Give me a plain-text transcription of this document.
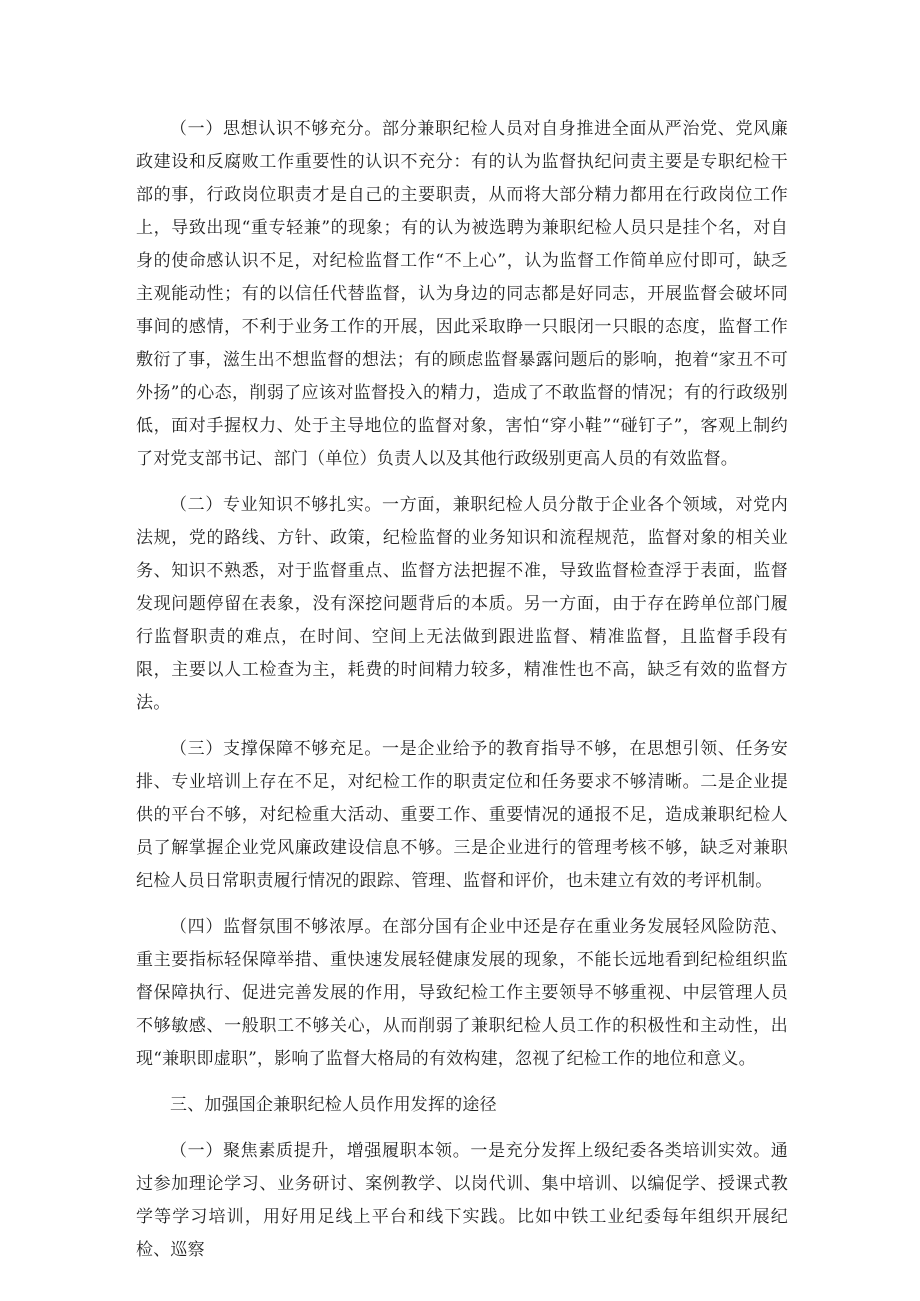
（一）思想认识不够充分。部分兼职纪检人员对自身推进全面从严治党、党风廉政建设和反腐败工作重要性的认识不充分：有的认为监督执纪问责主要是专职纪检干部的事，行政岗位职责才是自己的主要职责，从而将大部分精力都用在行政岗位工作上，导致出现“重专轻兼”的现象；有的认为被选聘为兼职纪检人员只是挂个名，对自身的使命感认识不足，对纪检监督工作“不上心”，认为监督工作简单应付即可，缺乏主观能动性；有的以信任代替监督，认为身边的同志都是好同志，开展监督会破坏同事间的感情，不利于业务工作的开展，因此采取睁一只眼闭一只眼的态度，监督工作敷衍了事，滋生出不想监督的想法；有的顾虑监督暴露问题后的影响，抱着“家丑不可外扬”的心态，削弱了应该对监督投入的精力，造成了不敢监督的情况；有的行政级别低，面对手握权力、处于主导地位的监督对象，害怕“穿小鞋”“碰钉子”，客观上制约了对党支部书记、部门（单位）负责人以及其他行政级别更高人员的有效监督。

（二）专业知识不够扎实。一方面，兼职纪检人员分散于企业各个领域，对党内法规，党的路线、方针、政策，纪检监督的业务知识和流程规范，监督对象的相关业务、知识不熟悉，对于监督重点、监督方法把握不准，导致监督检查浮于表面，监督发现问题停留在表象，没有深挖问题背后的本质。另一方面，由于存在跨单位部门履行监督职责的难点，在时间、空间上无法做到跟进监督、精准监督，且监督手段有限，主要以人工检查为主，耗费的时间精力较多，精准性也不高，缺乏有效的监督方法。

（三）支撑保障不够充足。一是企业给予的教育指导不够，在思想引领、任务安排、专业培训上存在不足，对纪检工作的职责定位和任务要求不够清晰。二是企业提供的平台不够，对纪检重大活动、重要工作、重要情况的通报不足，造成兼职纪检人员了解掌握企业党风廉政建设信息不够。三是企业进行的管理考核不够，缺乏对兼职纪检人员日常职责履行情况的跟踪、管理、监督和评价，也未建立有效的考评机制。

（四）监督氛围不够浓厚。在部分国有企业中还是存在重业务发展轻风险防范、重主要指标轻保障举措、重快速发展轻健康发展的现象，不能长远地看到纪检组织监督保障执行、促进完善发展的作用，导致纪检工作主要领导不够重视、中层管理人员不够敏感、一般职工不够关心，从而削弱了兼职纪检人员工作的积极性和主动性，出现“兼职即虚职”，影响了监督大格局的有效构建，忽视了纪检工作的地位和意义。

三、加强国企兼职纪检人员作用发挥的途径

（一）聚焦素质提升，增强履职本领。一是充分发挥上级纪委各类培训实效。通过参加理论学习、业务研讨、案例教学、以岗代训、集中培训、以编促学、授课式教学等学习培训，用好用足线上平台和线下实践。比如中铁工业纪委每年组织开展纪检、巡察
